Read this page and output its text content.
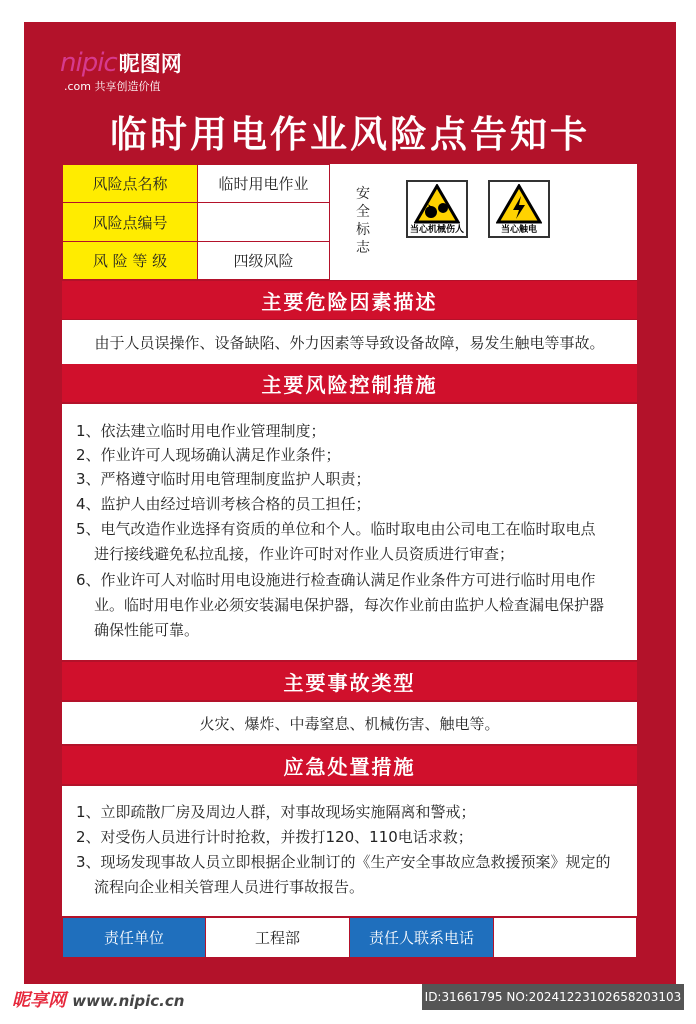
nipic昵图网
.com 共享创造价值
临时用电作业风险点告知卡
风险点名称	临时用电作业
风险点编号
风 险 等 级	四级风险
安全标志
当心机械伤人	当心触电
主要危险因素描述
由于人员误操作、设备缺陷、外力因素等导致设备故障，易发生触电等事故。
主要风险控制措施
1、依法建立临时用电作业管理制度；
2、作业许可人现场确认满足作业条件；
3、严格遵守临时用电管理制度监护人职责；
4、监护人由经过培训考核合格的员工担任；
5、电气改造作业选择有资质的单位和个人。临时取电由公司电工在临时取电点
进行接线避免私拉乱接，作业许可时对作业人员资质进行审查；
6、作业许可人对临时用电设施进行检查确认满足作业条件方可进行临时用电作
业。临时用电作业必须安装漏电保护器，每次作业前由监护人检查漏电保护器
确保性能可靠。
主要事故类型
火灾、爆炸、中毒窒息、机械伤害、触电等。
应急处置措施
1、立即疏散厂房及周边人群，对事故现场实施隔离和警戒；
2、对受伤人员进行计时抢救，并拨打120、110电话求救；
3、现场发现事故人员立即根据企业制订的《生产安全事故应急救援预案》规定的
流程向企业相关管理人员进行事故报告。
责任单位	工程部	责任人联系电话
昵享网 www.nipic.cn	ID:31661795 NO:20241223102658203103
